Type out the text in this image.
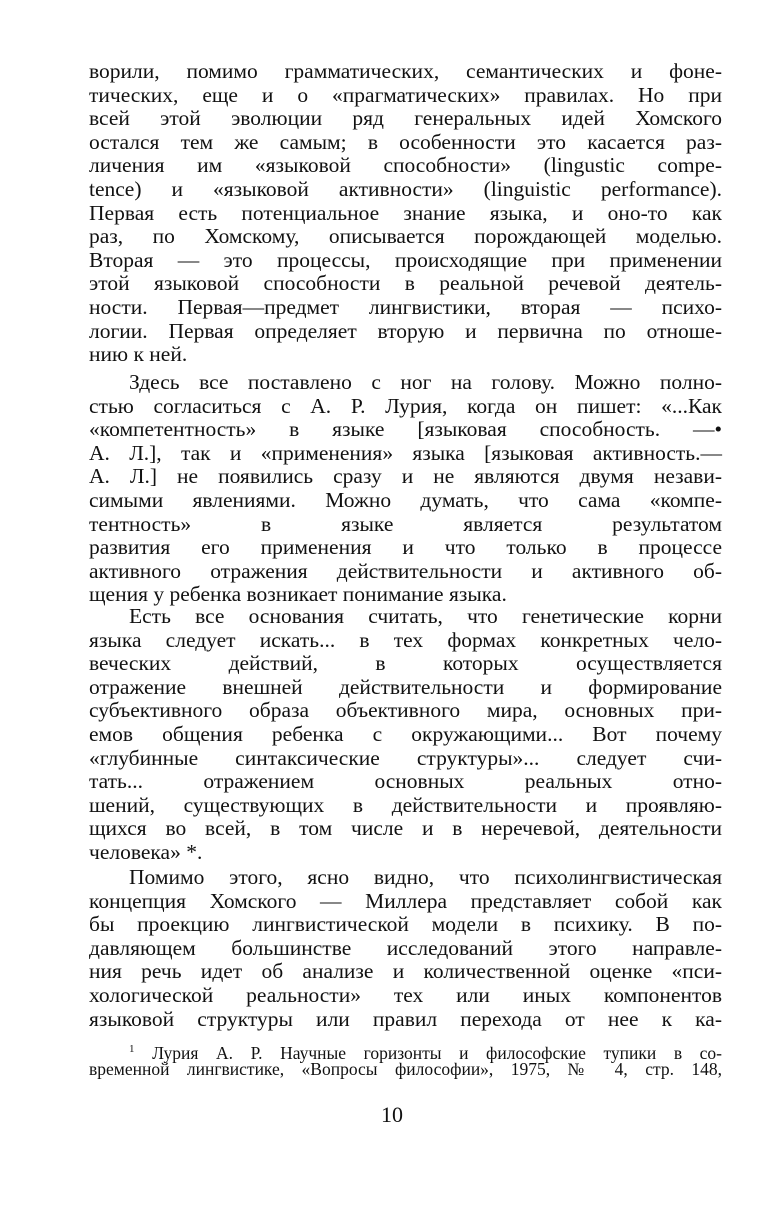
ворили, помимо грамматических, семантических и фоне-
тических, еще и о «прагматических» правилах. Но при
всей этой эволюции ряд генеральных идей Хомского
остался тем же самым; в особенности это касается раз-
личения им «языковой способности» (lingustic compe-
tence) и «языковой активности» (linguistic performance).
Первая есть потенциальное знание языка, и оно-то как
раз, по Хомскому, описывается порождающей моделью.
Вторая — это процессы, происходящие при применении
этой языковой способности в реальной речевой деятель-
ности. Первая—предмет лингвистики, вторая — психо-
логии. Первая определяет вторую и первична по отноше-
нию к ней.
Здесь все поставлено с ног на голову. Можно полно-
стью согласиться с А. Р. Лурия, когда он пишет: «...Как
«компетентность» в языке [языковая способность. —•
А. Л.], так и «применения» языка [языковая активность.—
А. Л.] не появились сразу и не являются двумя незави-
симыми явлениями. Можно думать, что сама «компе-
тентность» в языке является результатом
развития его применения и что только в процессе
активного отражения действительности и активного об-
щения у ребенка возникает понимание языка.
Есть все основания считать, что генетические корни
языка следует искать... в тех формах конкретных чело-
веческих действий, в которых осуществляется
отражение внешней действительности и формирование
субъективного образа объективного мира, основных при-
емов общения ребенка с окружающими... Вот почему
«глубинные синтаксические структуры»... следует счи-
тать... отражением основных реальных отно-
шений, существующих в действительности и проявляю-
щихся во всей, в том числе и в неречевой, деятельности
человека» *.
Помимо этого, ясно видно, что психолингвистическая
концепция Хомского — Миллера представляет собой как
бы проекцию лингвистической модели в психику. В по-
давляющем большинстве исследований этого направле-
ния речь идет об анализе и количественной оценке «пси-
хологической реальности» тех или иных компонентов
языковой структуры или правил перехода от нее к ка-
$^1$ Лурия А. Р. Научные горизонты и философские тупики в со-
временной лингвистике, «Вопросы философии», 1975, № 4, стр. 148,
10
